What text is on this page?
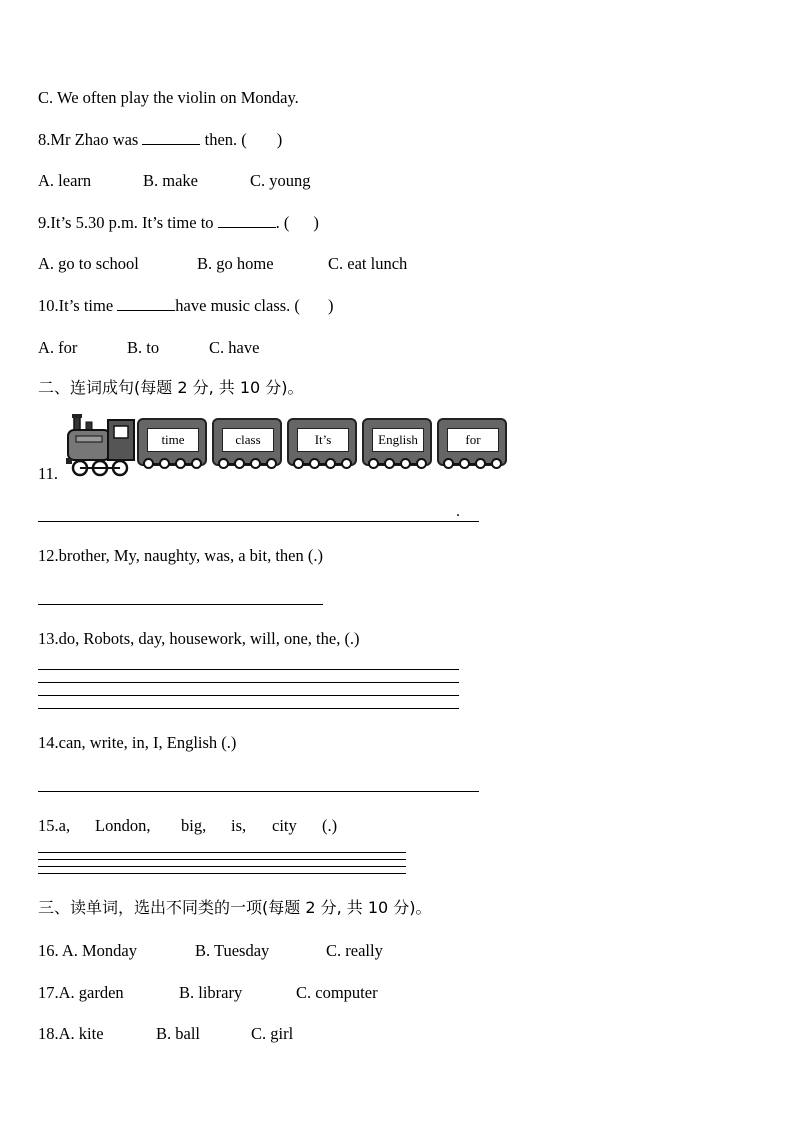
C. We often play the violin on Monday.
8.Mr Zhao was	then. ( )
A. learn	B. make	C. young
9.It’s 5.30 p.m. It’s time to	. ( )
A. go to school	B. go home	C. eat lunch
10.It’s time	have music class. ( )
A. for	B. to	C. have
二、连词成句(每题 2 分, 共 10 分)。
11.
time	class	It’s	English	for
.
12.brother, My, naughty, was, a bit, then (.)
13.do, Robots, day, housework, will, one, the, (.)
14.can, write, in, I, English (.)
15.a, London, big, is, city (.)
三、读单词，选出不同类的一项(每题 2 分, 共 10 分)。
16. A. Monday	B. Tuesday	C. really
17.A. garden	B. library	C. computer
18.A. kite	B. ball	C. girl
